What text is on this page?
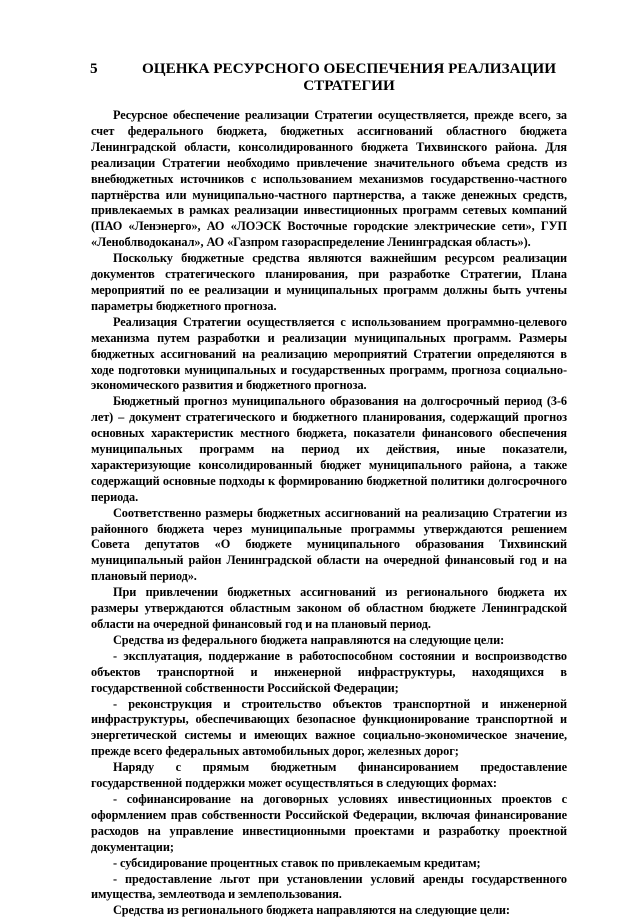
5	ОЦЕНКА РЕСУРСНОГО ОБЕСПЕЧЕНИЯ РЕАЛИЗАЦИИ СТРАТЕГИИ

Ресурсное обеспечение реализации Стратегии осуществляется, прежде всего, за счет федерального бюджета, бюджетных ассигнований областного бюджета Ленинградской области, консолидированного бюджета Тихвинского района. Для реализации Стратегии необходимо привлечение значительного объема средств из внебюджетных источников с использованием механизмов государственно-частного партнёрства или муниципально-частного партнерства, а также денежных средств, привлекаемых в рамках реализации инвестиционных программ сетевых компаний (ПАО «Ленэнерго», АО «ЛОЭСК Восточные городские электрические сети», ГУП «Леноблводоканал», АО «Газпром газораспределение Ленинградская область»).

Поскольку бюджетные средства являются важнейшим ресурсом реализации документов стратегического планирования, при разработке Стратегии, Плана мероприятий по ее реализации и муниципальных программ должны быть учтены параметры бюджетного прогноза.

Реализация Стратегии осуществляется с использованием программно-целевого механизма путем разработки и реализации муниципальных программ. Размеры бюджетных ассигнований на реализацию мероприятий Стратегии определяются в ходе подготовки муниципальных и государственных программ, прогноза социально-экономического развития и бюджетного прогноза.

Бюджетный прогноз муниципального образования на долгосрочный период (3-6 лет) – документ стратегического и бюджетного планирования, содержащий прогноз основных характеристик местного бюджета, показатели финансового обеспечения муниципальных программ на период их действия, иные показатели, характеризующие консолидированный бюджет муниципального района, а также содержащий основные подходы к формированию бюджетной политики долгосрочного периода.

Соответственно размеры бюджетных ассигнований на реализацию Стратегии из районного бюджета через муниципальные программы утверждаются решением Совета депутатов «О бюджете муниципального образования Тихвинский муниципальный район Ленинградской области на очередной финансовый год и на плановый период».

При привлечении бюджетных ассигнований из регионального бюджета их размеры утверждаются областным законом об областном бюджете Ленинградской области на очередной финансовый год и на плановый период.

Средства из федерального бюджета направляются на следующие цели:

- эксплуатация, поддержание в работоспособном состоянии и воспроизводство объектов транспортной и инженерной инфраструктуры, находящихся в государственной собственности Российской Федерации;

- реконструкция и строительство объектов транспортной и инженерной инфраструктуры, обеспечивающих безопасное функционирование транспортной и энергетической системы и имеющих важное социально-экономическое значение, прежде всего федеральных автомобильных дорог, железных дорог;

Наряду с прямым бюджетным финансированием предоставление государственной поддержки может осуществляться в следующих формах:

- софинансирование на договорных условиях инвестиционных проектов с оформлением прав собственности Российской Федерации, включая финансирование расходов на управление инвестиционными проектами и разработку проектной документации;

- субсидирование процентных ставок по привлекаемым кредитам;

- предоставление льгот при установлении условий аренды государственного имущества, землеотвода и землепользования.

Средства из регионального бюджета направляются на следующие цели:
